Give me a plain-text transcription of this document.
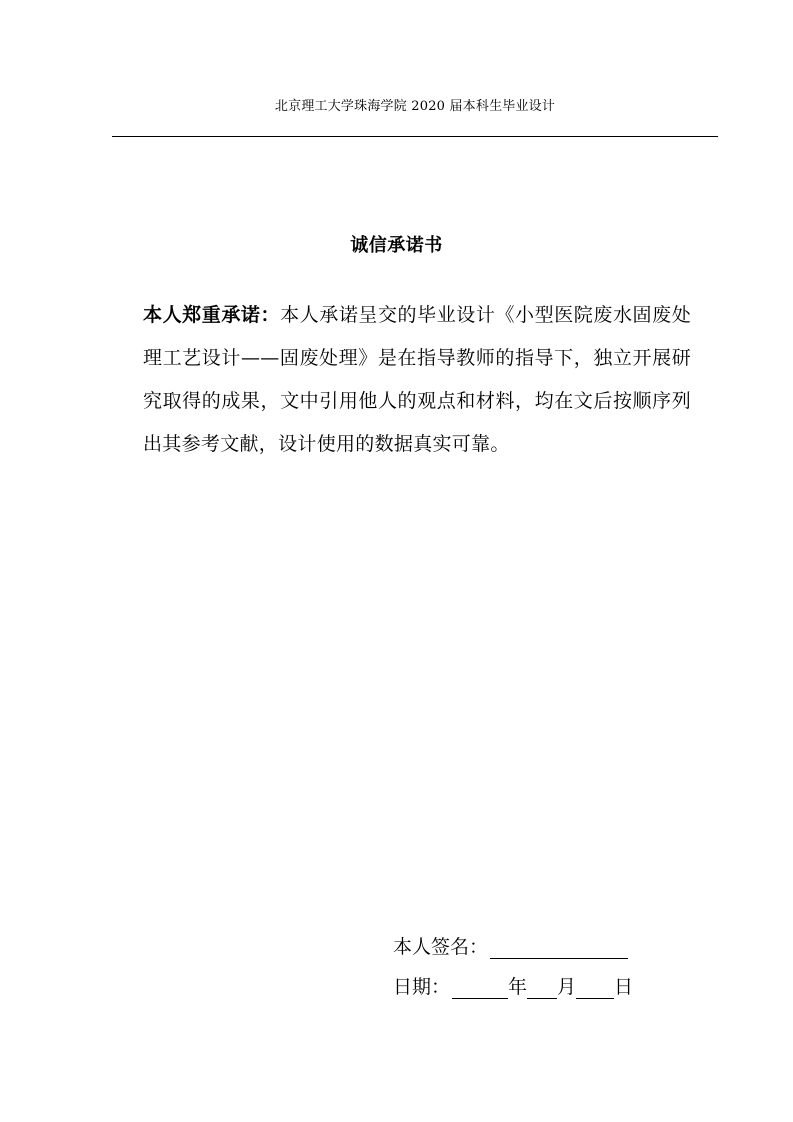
北京理工大学珠海学院 2020 届本科生毕业设计
诚信承诺书
本人郑重承诺：本人承诺呈交的毕业设计《小型医院废水固废处理工艺设计——固废处理》是在指导教师的指导下，独立开展研究取得的成果，文中引用他人的观点和材料，均在文后按顺序列出其参考文献，设计使用的数据真实可靠。
本人签名：
日期：	年 月 日
